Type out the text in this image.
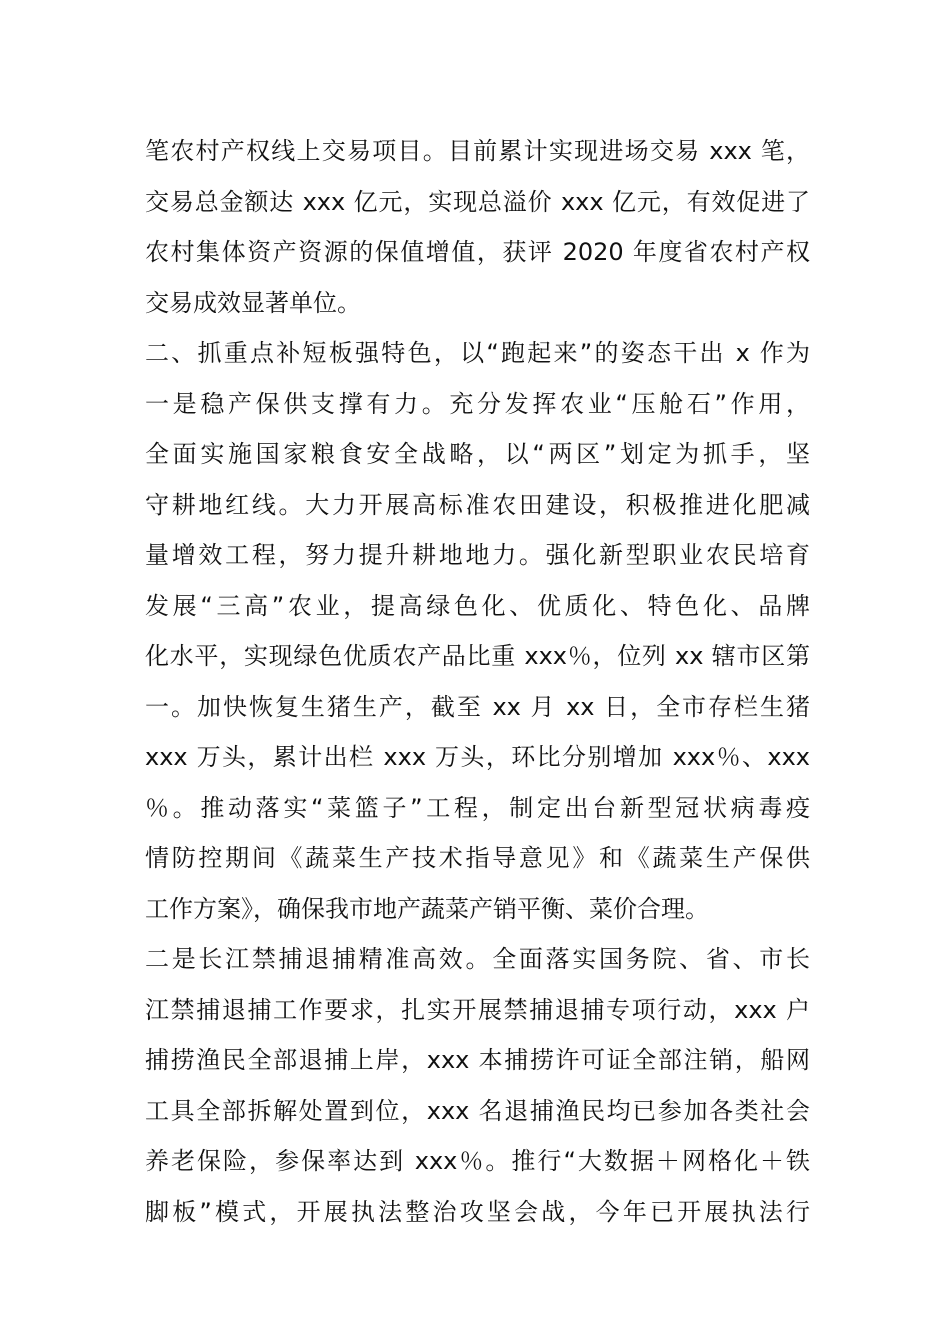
笔农村产权线上交易项目。目前累计实现进场交易 xxx 笔，
交易总金额达 xxx 亿元，实现总溢价 xxx 亿元，有效促进了
农村集体资产资源的保值增值，获评 2020 年度省农村产权
交易成效显著单位。
二、抓重点补短板强特色，以“跑起来”的姿态干出 x 作为
一是稳产保供支撑有力。充分发挥农业“压舱石”作用，
全面实施国家粮食安全战略，以“两区”划定为抓手，坚
守耕地红线。大力开展高标准农田建设，积极推进化肥减
量增效工程，努力提升耕地地力。强化新型职业农民培育
发展“三高”农业，提高绿色化、优质化、特色化、品牌
化水平，实现绿色优质农产品比重 xxx％，位列 xx 辖市区第
一。加快恢复生猪生产，截至 xx 月 xx 日，全市存栏生猪
xxx 万头，累计出栏 xxx 万头，环比分别增加 xxx％、xxx
％。推动落实“菜篮子”工程，制定出台新型冠状病毒疫
情防控期间《蔬菜生产技术指导意见》和《蔬菜生产保供
工作方案》，确保我市地产蔬菜产销平衡、菜价合理。
二是长江禁捕退捕精准高效。全面落实国务院、省、市长
江禁捕退捕工作要求，扎实开展禁捕退捕专项行动，xxx 户
捕捞渔民全部退捕上岸，xxx 本捕捞许可证全部注销，船网
工具全部拆解处置到位，xxx 名退捕渔民均已参加各类社会
养老保险，参保率达到 xxx％。推行“大数据＋网格化＋铁
脚板”模式，开展执法整治攻坚会战，今年已开展执法行
